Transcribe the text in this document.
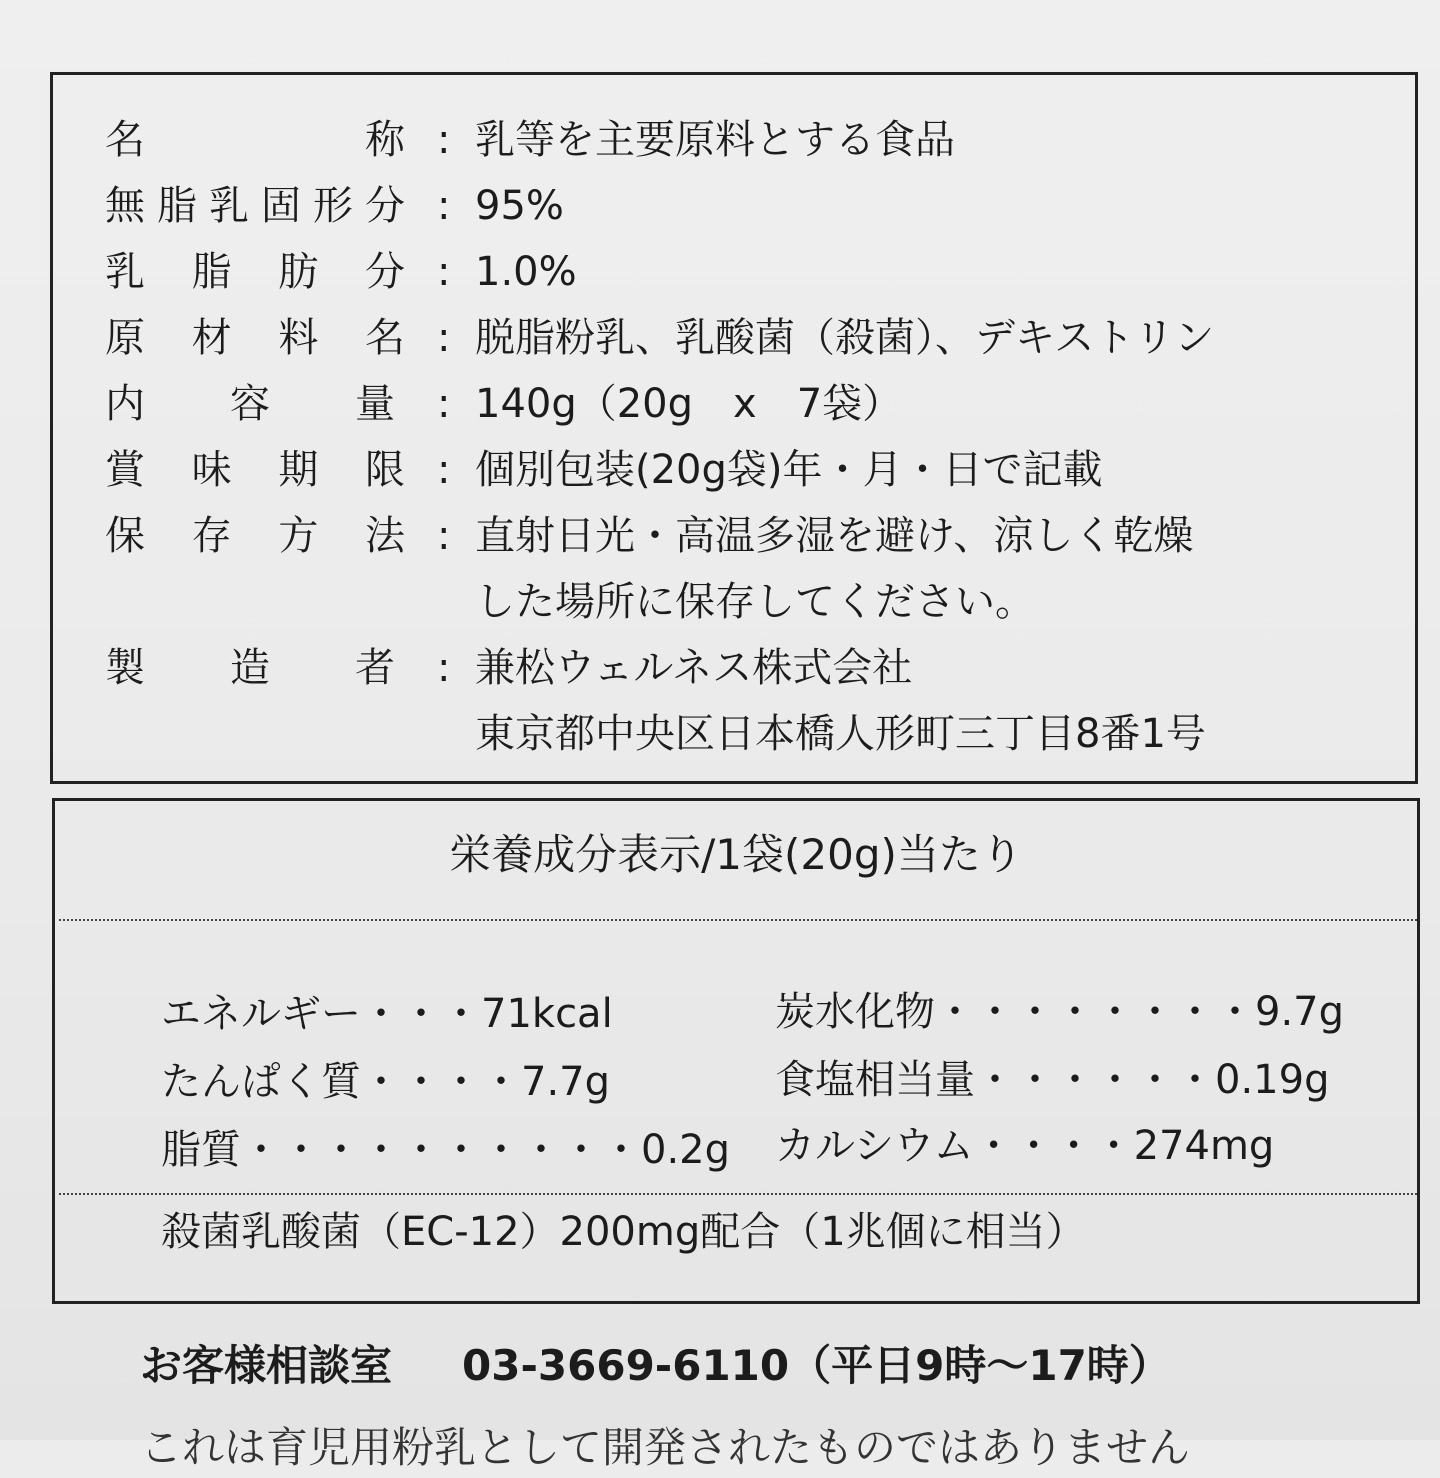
名	称 : 乳等を主要原料とする食品
無 脂 乳 固 形 分 : 95%
乳 脂 肪 分 : 1.0%
原 材 料 名 : 脱脂粉乳、乳酸菌（殺菌）、デキストリン
内 容 量 : 140g（20g　x　7袋）
賞 味 期 限 : 個別包装(20g袋)年・月・日で記載
保 存 方 法 : 直射日光・高温多湿を避け、涼しく乾燥
した場所に保存してください。
製 造 者 : 兼松ウェルネス株式会社
東京都中央区日本橋人形町三丁目8番1号
栄養成分表示/1袋(20g)当たり
エネルギー・・・71kcal
たんぱく質・・・・7.7g
脂質・・・・・・・・・・0.2g
炭水化物・・・・・・・・9.7g
食塩相当量・・・・・・0.19g
カルシウム・・・・274mg
殺菌乳酸菌（EC-12）200mg配合（1兆個に相当）
お客様相談室 03-3669-6110（平日9時～17時）
これは育児用粉乳として開発されたものではありません
